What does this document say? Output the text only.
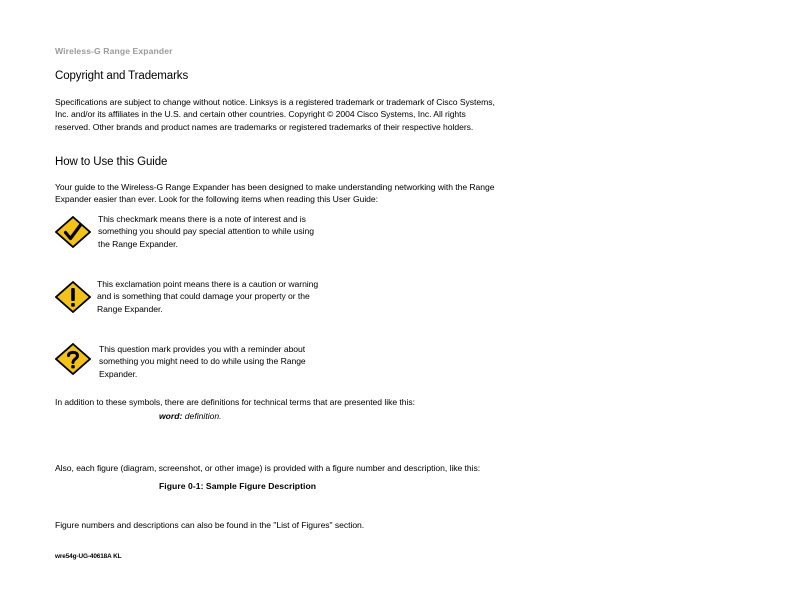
Wireless-G Range Expander
Copyright and Trademarks
Specifications are subject to change without notice. Linksys is a registered trademark or trademark of Cisco Systems, Inc. and/or its affiliates in the U.S. and certain other countries. Copyright © 2004 Cisco Systems, Inc. All rights reserved. Other brands and product names are trademarks or registered trademarks of their respective holders.
How to Use this Guide
Your guide to the Wireless-G Range Expander has been designed to make understanding networking with the Range Expander easier than ever. Look for the following items when reading this User Guide:
This checkmark means there is a note of interest and is something you should pay special attention to while using the Range Expander.
This exclamation point means there is a caution or warning and is something that could damage your property or the Range Expander.
This question mark provides you with a reminder about something you might need to do while using the Range Expander.
In addition to these symbols, there are definitions for technical terms that are presented like this:
word: definition.
Also, each figure (diagram, screenshot, or other image) is provided with a figure number and description, like this:
Figure 0-1: Sample Figure Description
Figure numbers and descriptions can also be found in the "List of Figures" section.
wre54g-UG-40618A KL
